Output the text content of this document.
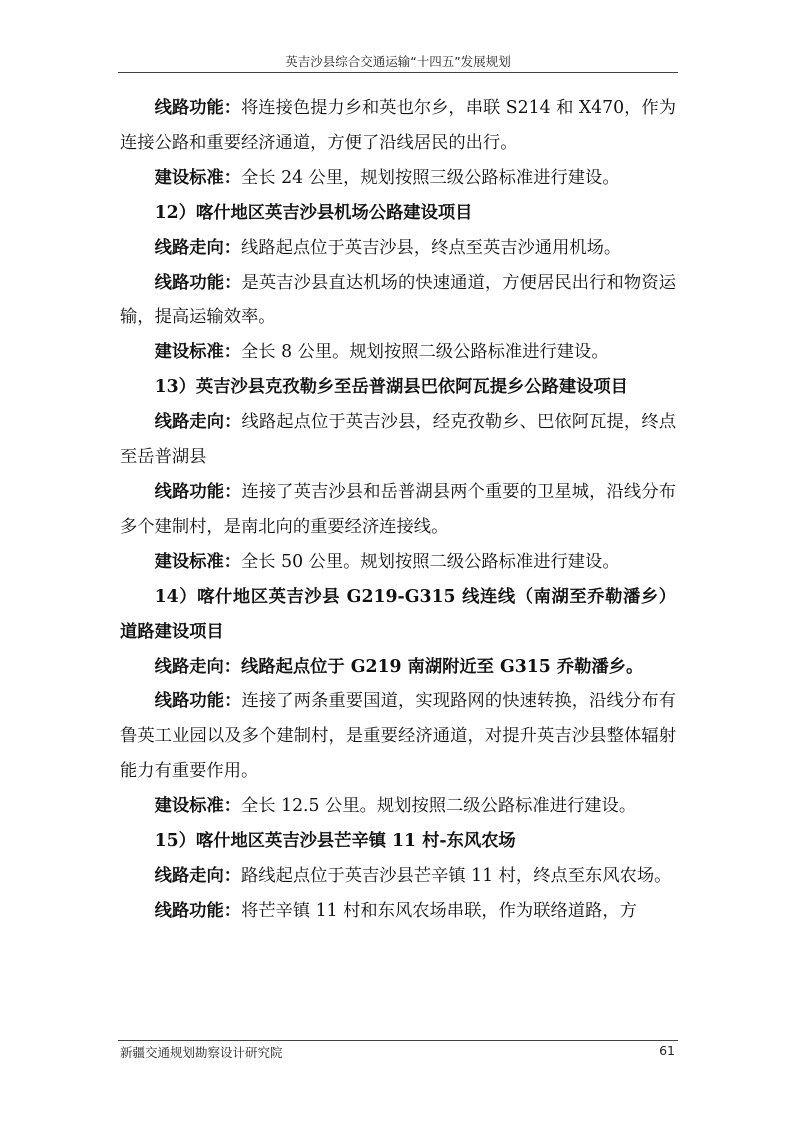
英吉沙县综合交通运输“十四五”发展规划

线路功能：将连接色提力乡和英也尔乡，串联 S214 和 X470，作为连接公路和重要经济通道，方便了沿线居民的出行。

建设标准：全长 24 公里，规划按照三级公路标准进行建设。

12）喀什地区英吉沙县机场公路建设项目

线路走向：线路起点位于英吉沙县，终点至英吉沙通用机场。

线路功能：是英吉沙县直达机场的快速通道，方便居民出行和物资运输，提高运输效率。

建设标准：全长 8 公里。规划按照二级公路标准进行建设。

13）英吉沙县克孜勒乡至岳普湖县巴依阿瓦提乡公路建设项目

线路走向：线路起点位于英吉沙县，经克孜勒乡、巴依阿瓦提，终点至岳普湖县

线路功能：连接了英吉沙县和岳普湖县两个重要的卫星城，沿线分布多个建制村，是南北向的重要经济连接线。

建设标准：全长 50 公里。规划按照二级公路标准进行建设。

14）喀什地区英吉沙县 G219-G315 线连线（南湖至乔勒潘乡）道路建设项目

线路走向：线路起点位于 G219 南湖附近至 G315 乔勒潘乡。

线路功能：连接了两条重要国道，实现路网的快速转换，沿线分布有鲁英工业园以及多个建制村，是重要经济通道，对提升英吉沙县整体辐射能力有重要作用。

建设标准：全长 12.5 公里。规划按照二级公路标准进行建设。

15）喀什地区英吉沙县芒辛镇 11 村-东风农场

线路走向：路线起点位于英吉沙县芒辛镇 11 村，终点至东风农场。

线路功能：将芒辛镇 11 村和东风农场串联，作为联络道路，方

新疆交通规划勘察设计研究院	61
